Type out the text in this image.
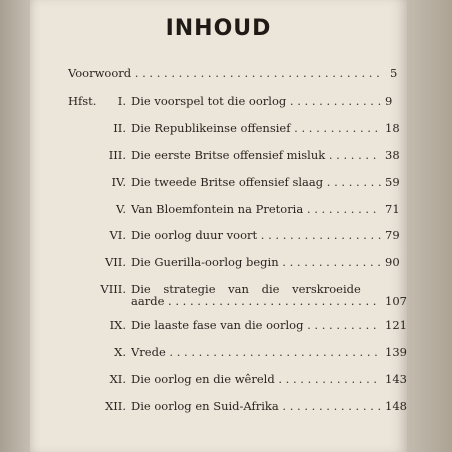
INHOUD
Voorwoord . . .	5
Hfst.	I. Die voorspel tot die oorlog . . .	9
II. Die Republikeinse offensief . . .	18
III. Die eerste Britse offensief misluk . . .	38
IV. Die tweede Britse offensief slaag . . .	59
V. Van Bloemfontein na Pretoria . . .	71
VI. Die oorlog duur voort . . .	79
VII. Die Guerilla-oorlog begin . . .	90
VIII. Die strategie van die verskroeide
aarde . . .	107
IX. Die laaste fase van die oorlog . . .	121
X. Vrede . . .	139
XI. Die oorlog en die wêreld . . .	143
XII. Die oorlog en Suid-Afrika . . .	148
